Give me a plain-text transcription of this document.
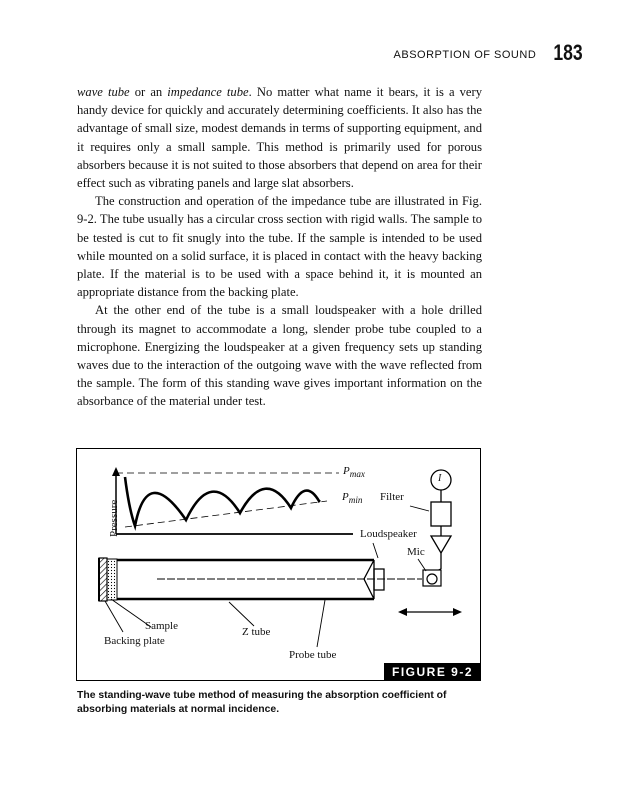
ABSORPTION OF SOUND 183

wave tube or an impedance tube. No matter what name it bears, it is a very handy device for quickly and accurately determining coefficients. It also has the advantage of small size, modest demands in terms of supporting equipment, and it requires only a small sample. This method is primarily used for porous absorbers because it is not suited to those absorbers that depend on area for their effect such as vibrating panels and large slat absorbers.

The construction and operation of the impedance tube are illustrated in Fig. 9-2. The tube usually has a circular cross section with rigid walls. The sample to be tested is cut to fit snugly into the tube. If the sample is intended to be used while mounted on a solid surface, it is placed in contact with the heavy backing plate. If the material is to be used with a space behind it, it is mounted an appropriate distance from the backing plate.

At the other end of the tube is a small loudspeaker with a hole drilled through its magnet to accommodate a long, slender probe tube coupled to a microphone. Energizing the loudspeaker at a given frequency sets up standing waves due to the interaction of the outgoing wave with the wave reflected from the sample. The form of this standing wave gives important information on the absorbance of the material under test.

$P_{max}$
$P_{min}$
Pressure
Filter
I
Loudspeaker
Mic
Sample
Backing plate
Z tube
Probe tube
FIGURE 9-2
The standing-wave tube method of measuring the absorption coefficient of absorbing materials at normal incidence.
